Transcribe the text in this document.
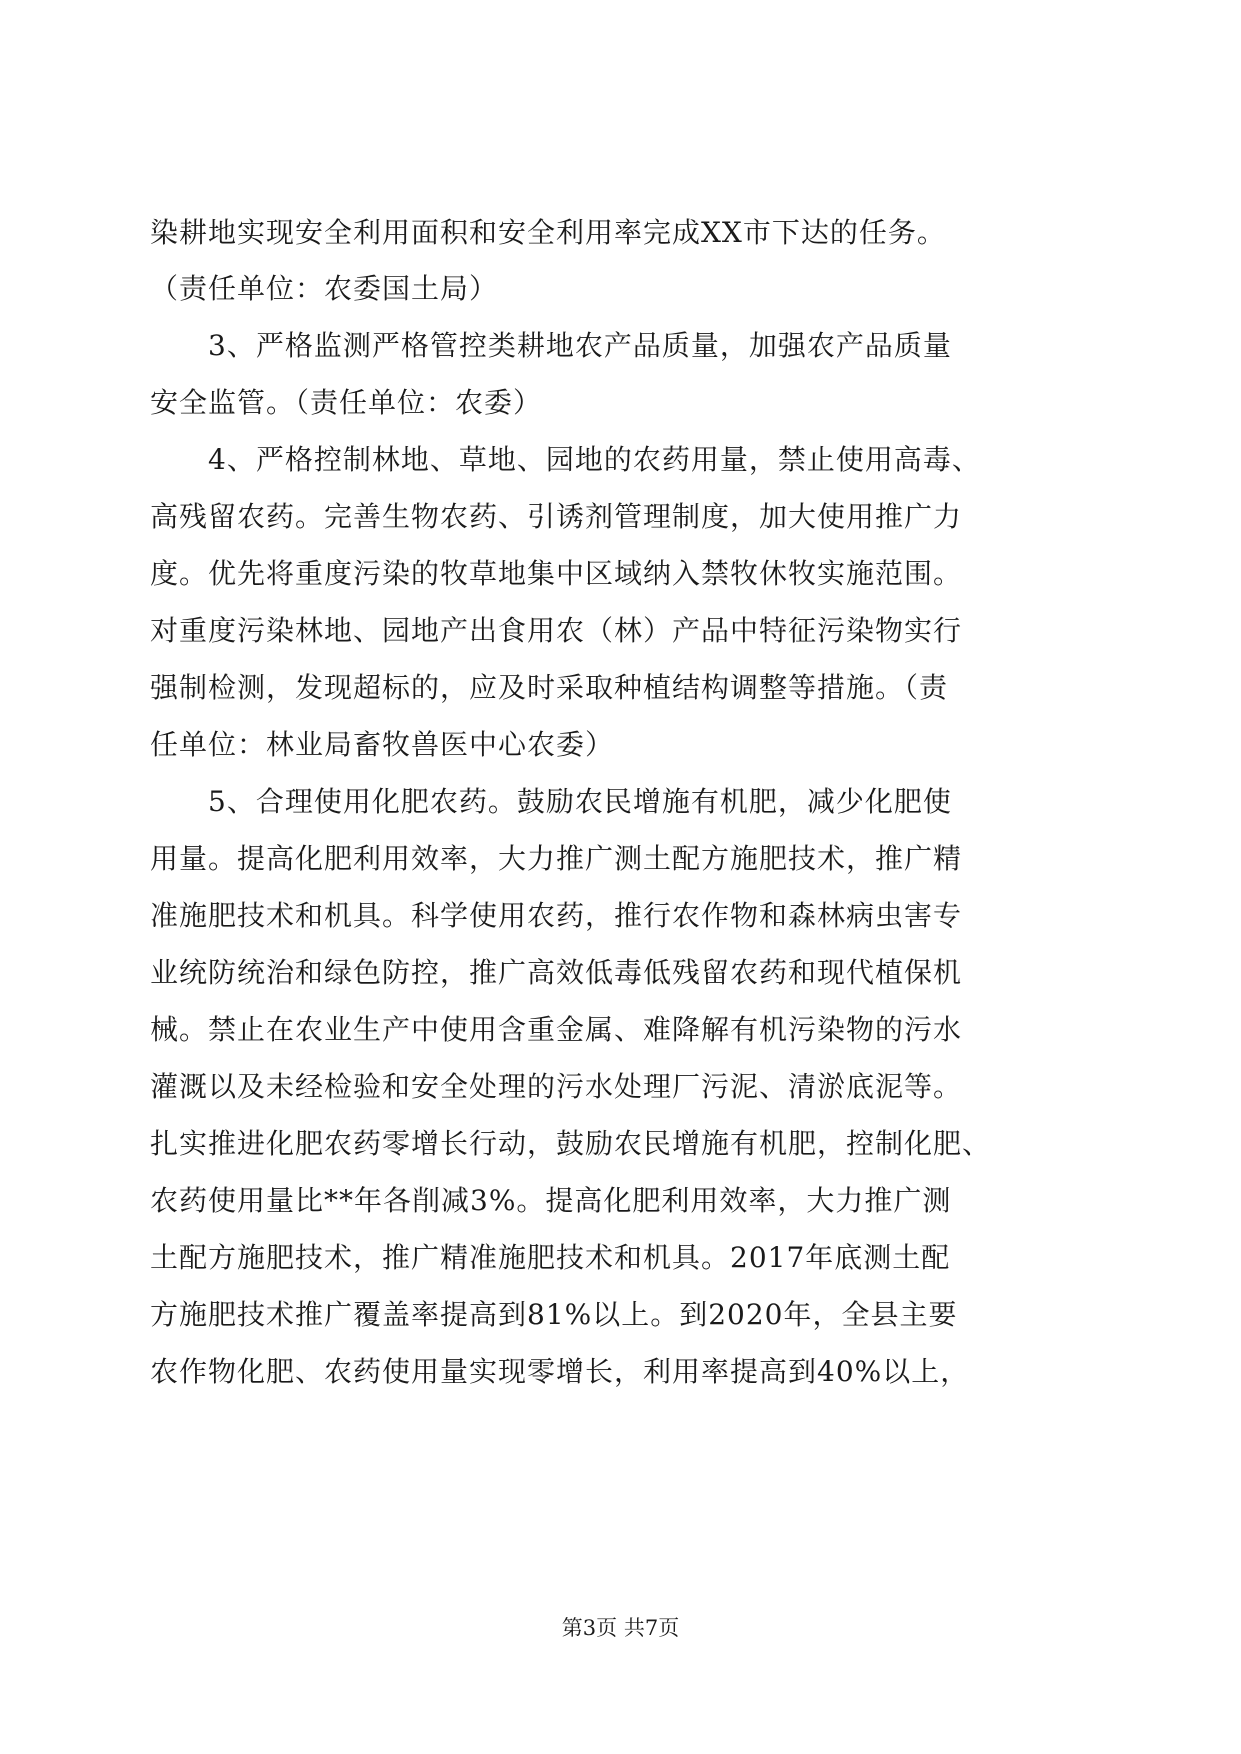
染耕地实现安全利用面积和安全利用率完成XX市下达的任务。
（责任单位：农委国土局）
　　3、严格监测严格管控类耕地农产品质量，加强农产品质量
安全监管。（责任单位：农委）
　　4、严格控制林地、草地、园地的农药用量，禁止使用高毒、
高残留农药。完善生物农药、引诱剂管理制度，加大使用推广力
度。优先将重度污染的牧草地集中区域纳入禁牧休牧实施范围。
对重度污染林地、园地产出食用农（林）产品中特征污染物实行
强制检测，发现超标的，应及时采取种植结构调整等措施。（责
任单位：林业局畜牧兽医中心农委）
　　5、合理使用化肥农药。鼓励农民增施有机肥，减少化肥使
用量。提高化肥利用效率，大力推广测土配方施肥技术，推广精
准施肥技术和机具。科学使用农药，推行农作物和森林病虫害专
业统防统治和绿色防控，推广高效低毒低残留农药和现代植保机
械。禁止在农业生产中使用含重金属、难降解有机污染物的污水
灌溉以及未经检验和安全处理的污水处理厂污泥、清淤底泥等。
扎实推进化肥农药零增长行动，鼓励农民增施有机肥，控制化肥、
农药使用量比**年各削减3%。提高化肥利用效率，大力推广测
土配方施肥技术，推广精准施肥技术和机具。2017年底测土配
方施肥技术推广覆盖率提高到81%以上。到2020年，全县主要
农作物化肥、农药使用量实现零增长，利用率提高到40%以上，
第3页 共7页
